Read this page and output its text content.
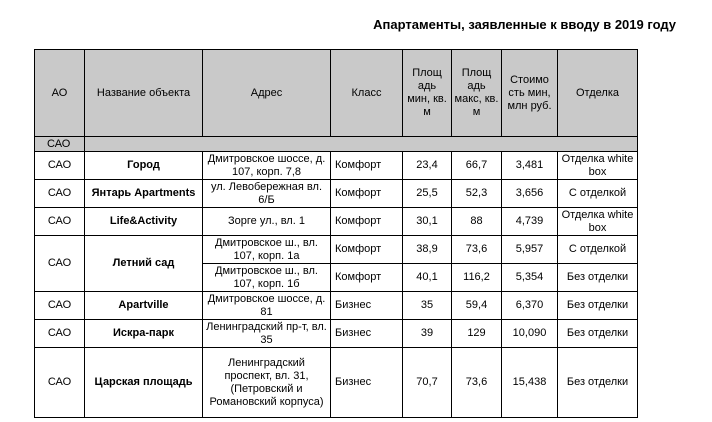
Апартаменты, заявленные к вводу в 2019 году
АО	Название объекта	Адрес	Класс	Площ адь мин, кв. м	Площ адь макс, кв. м	Стоимо сть мин, млн руб.	Отделка
САО							
САО	Город	Дмитровское шоссе, д. 107, корп. 7,8	Комфорт	23,4	66,7	3,481	Отделка white box
САО	Янтарь Apartments	ул. Левобережная вл. 6/Б	Комфорт	25,5	52,3	3,656	С отделкой
САО	Life&Activity	Зорге ул., вл. 1	Комфорт	30,1	88	4,739	Отделка white box
САО	Летний сад	Дмитровское ш., вл. 107, корп. 1а	Комфорт	38,9	73,6	5,957	С отделкой
		Дмитровское ш., вл. 107, корп. 1б	Комфорт	40,1	116,2	5,354	Без отделки
САО	Apartville	Дмитровское шоссе, д. 81	Бизнес	35	59,4	6,370	Без отделки
САО	Искра-парк	Ленинградский пр-т, вл. 35	Бизнес	39	129	10,090	Без отделки
САО	Царская площадь	Ленинградский проспект, вл. 31, (Петровский и Романовский корпуса)	Бизнес	70,7	73,6	15,438	Без отделки
